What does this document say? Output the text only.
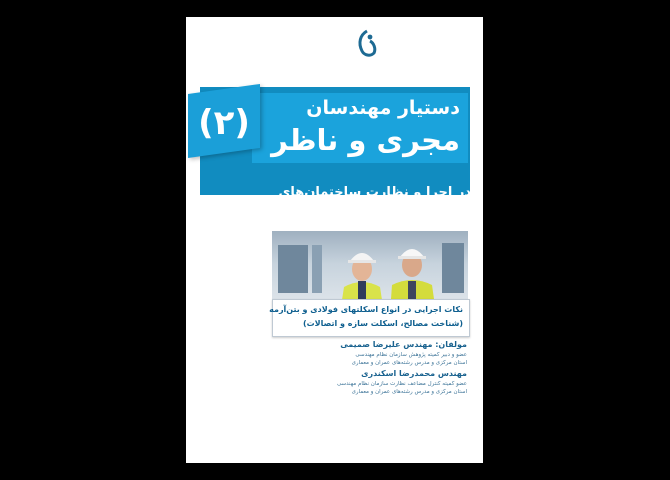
دستیار مهندسان
مجری و ناظر
(۲)
در اجرا و نظارت ساختمان‌های
فولادی و بتنی از تخریب تا تحویل
نکات اجرایی در انواع اسکلتهای فولادی و بتن‌آرمه
(شناخت مصالح، اسکلت سازه و اتصالات)
مولفان: مهندس علیرضا صمیمی
عضو و دبیر کمیته پژوهش سازمان نظام مهندسی
استان مرکزی و مدرس رشته‌های عمران و معماری
مهندس محمدرضا اسکندری
عضو کمیته کنترل مضاعف نظارت سازمان نظام مهندسی
استان مرکزی و مدرس رشته‌های عمران و معماری
